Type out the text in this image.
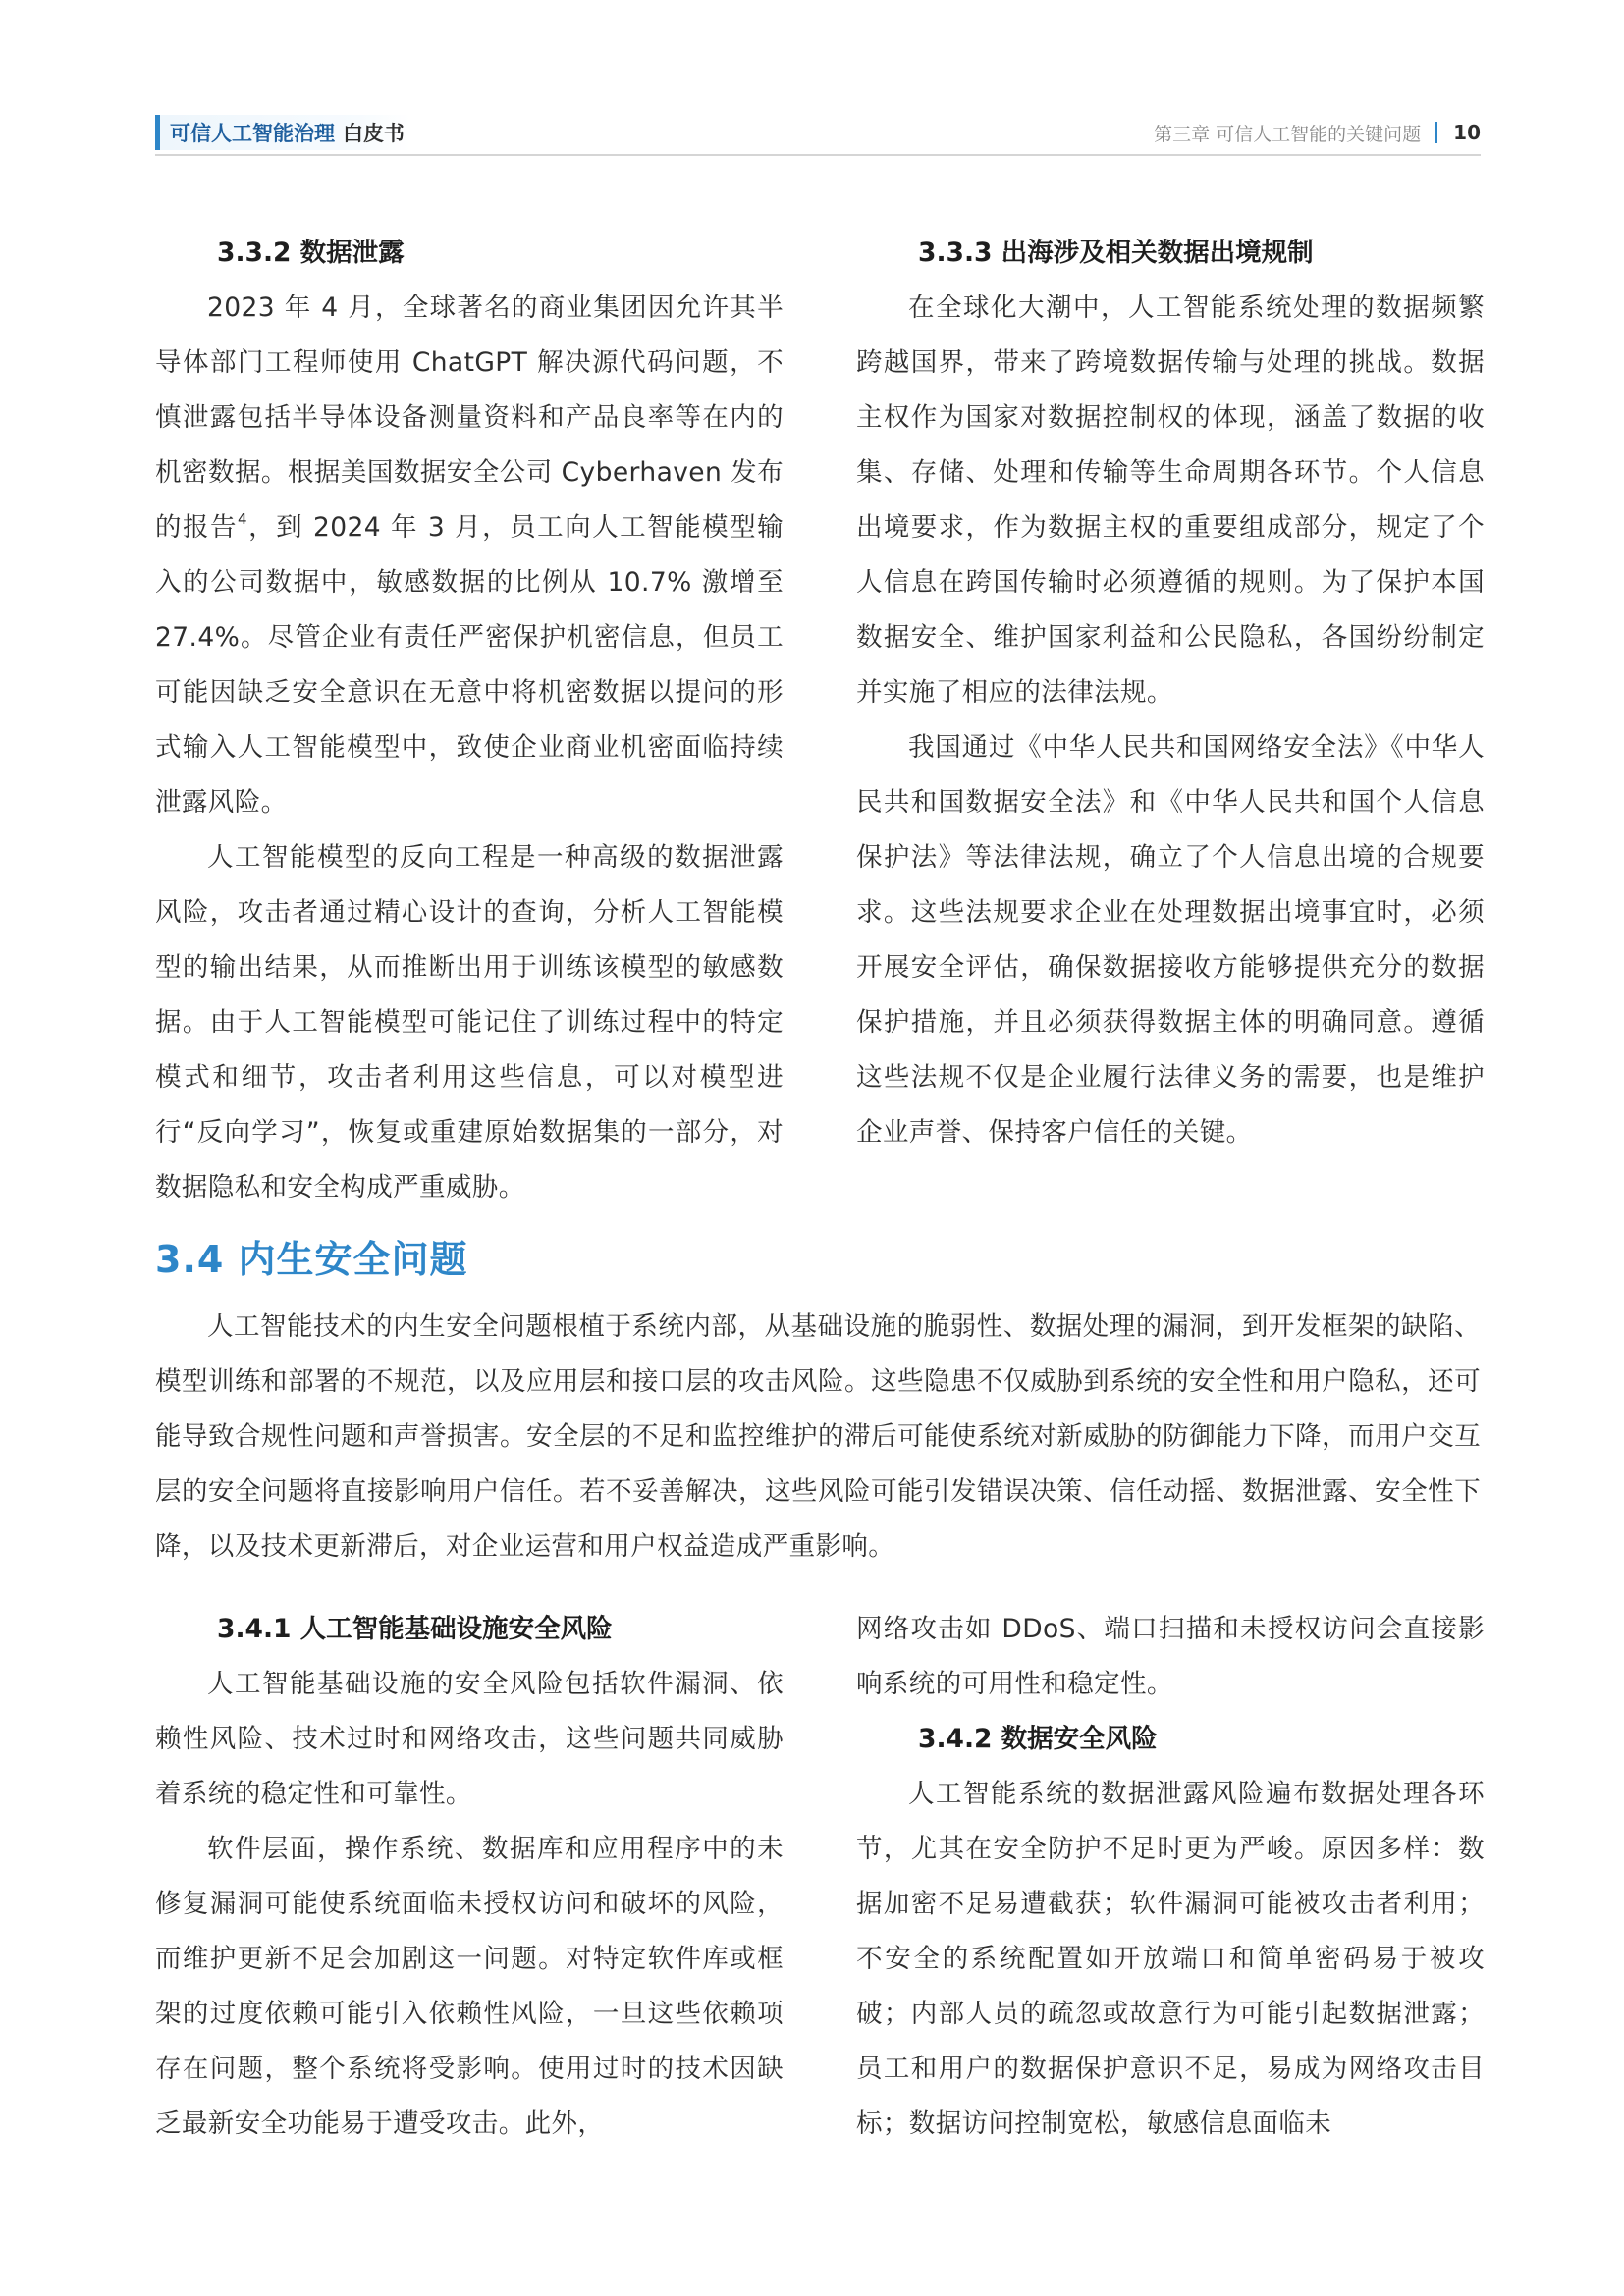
可信人工智能治理 白皮书	第三章 可信人工智能的关键问题 10
3.3.2 数据泄露

2023 年 4 月，全球著名的商业集团因允许其半导体部门工程师使用 ChatGPT 解决源代码问题，不慎泄露包括半导体设备测量资料和产品良率等在内的机密数据。根据美国数据安全公司 Cyberhaven 发布的报告$^4$，到 2024 年 3 月，员工向人工智能模型输入的公司数据中，敏感数据的比例从 10.7% 激增至 27.4%。尽管企业有责任严密保护机密信息，但员工可能因缺乏安全意识在无意中将机密数据以提问的形式输入人工智能模型中，致使企业商业机密面临持续泄露风险。

人工智能模型的反向工程是一种高级的数据泄露风险，攻击者通过精心设计的查询，分析人工智能模型的输出结果，从而推断出用于训练该模型的敏感数据。由于人工智能模型可能记住了训练过程中的特定模式和细节，攻击者利用这些信息，可以对模型进行“反向学习”，恢复或重建原始数据集的一部分，对数据隐私和安全构成严重威胁。

3.3.3 出海涉及相关数据出境规制

在全球化大潮中，人工智能系统处理的数据频繁跨越国界，带来了跨境数据传输与处理的挑战。数据主权作为国家对数据控制权的体现，涵盖了数据的收集、存储、处理和传输等生命周期各环节。个人信息出境要求，作为数据主权的重要组成部分，规定了个人信息在跨国传输时必须遵循的规则。为了保护本国数据安全、维护国家利益和公民隐私，各国纷纷制定并实施了相应的法律法规。

我国通过《中华人民共和国网络安全法》《中华人民共和国数据安全法》和《中华人民共和国个人信息保护法》等法律法规，确立了个人信息出境的合规要求。这些法规要求企业在处理数据出境事宜时，必须开展安全评估，确保数据接收方能够提供充分的数据保护措施，并且必须获得数据主体的明确同意。遵循这些法规不仅是企业履行法律义务的需要，也是维护企业声誉、保持客户信任的关键。

3.4 内生安全问题

人工智能技术的内生安全问题根植于系统内部，从基础设施的脆弱性、数据处理的漏洞，到开发框架的缺陷、模型训练和部署的不规范，以及应用层和接口层的攻击风险。这些隐患不仅威胁到系统的安全性和用户隐私，还可能导致合规性问题和声誉损害。安全层的不足和监控维护的滞后可能使系统对新威胁的防御能力下降，而用户交互层的安全问题将直接影响用户信任。若不妥善解决，这些风险可能引发错误决策、信任动摇、数据泄露、安全性下降，以及技术更新滞后，对企业运营和用户权益造成严重影响。

3.4.1 人工智能基础设施安全风险

人工智能基础设施的安全风险包括软件漏洞、依赖性风险、技术过时和网络攻击，这些问题共同威胁着系统的稳定性和可靠性。

软件层面，操作系统、数据库和应用程序中的未修复漏洞可能使系统面临未授权访问和破坏的风险，而维护更新不足会加剧这一问题。对特定软件库或框架的过度依赖可能引入依赖性风险，一旦这些依赖项存在问题，整个系统将受影响。使用过时的技术因缺乏最新安全功能易于遭受攻击。此外，

网络攻击如 DDoS、端口扫描和未授权访问会直接影响系统的可用性和稳定性。

3.4.2 数据安全风险

人工智能系统的数据泄露风险遍布数据处理各环节，尤其在安全防护不足时更为严峻。原因多样：数据加密不足易遭截获；软件漏洞可能被攻击者利用；不安全的系统配置如开放端口和简单密码易于被攻破；内部人员的疏忽或故意行为可能引起数据泄露；员工和用户的数据保护意识不足，易成为网络攻击目标；数据访问控制宽松，敏感信息面临未
